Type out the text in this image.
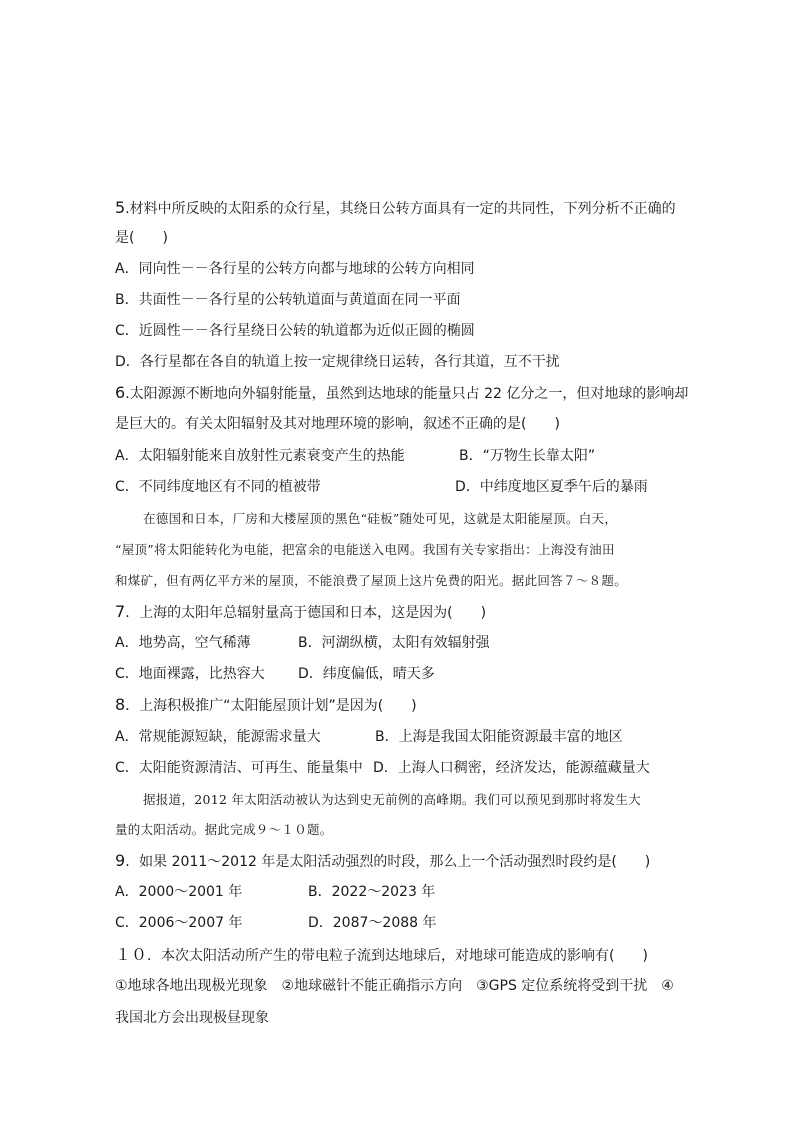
5.材料中所反映的太阳系的众行星，其绕日公转方面具有一定的共同性，下列分析不正确的
是(　　)
A．同向性－－各行星的公转方向都与地球的公转方向相同
B．共面性－－各行星的公转轨道面与黄道面在同一平面
C．近圆性－－各行星绕日公转的轨道都为近似正圆的椭圆
D．各行星都在各自的轨道上按一定规律绕日运转，各行其道，互不干扰
6.太阳源源不断地向外辐射能量，虽然到达地球的能量只占 22 亿分之一，但对地球的影响却
是巨大的。有关太阳辐射及其对地理环境的影响，叙述不正确的是(　　)
A．太阳辐射能来自放射性元素衰变产生的热能	B．“万物生长靠太阳”
C．不同纬度地区有不同的植被带	D．中纬度地区夏季午后的暴雨
在德国和日本，厂房和大楼屋顶的黑色“硅板”随处可见，这就是太阳能屋顶。白天，
“屋顶”将太阳能转化为电能，把富余的电能送入电网。我国有关专家指出：上海没有油田
和煤矿，但有两亿平方米的屋顶，不能浪费了屋顶上这片免费的阳光。据此回答７～８题。
7．上海的太阳年总辐射量高于德国和日本，这是因为(　　)
A．地势高，空气稀薄	B．河湖纵横，太阳有效辐射强
C．地面裸露，比热容大 D．纬度偏低，晴天多
8．上海积极推广“太阳能屋顶计划”是因为(　　)
A．常规能源短缺，能源需求量大	B．上海是我国太阳能资源最丰富的地区
C．太阳能资源清洁、可再生、能量集中 D．上海人口稠密，经济发达，能源蕴藏量大
据报道，2012 年太阳活动被认为达到史无前例的高峰期。我们可以预见到那时将发生大
量的太阳活动。据此完成９～１０题。
9．如果 2011～2012 年是太阳活动强烈的时段，那么上一个活动强烈时段约是(　　)
A．2000～2001 年	B．2022～2023 年
C．2006～2007 年	D．2087～2088 年
１０．本次太阳活动所产生的带电粒子流到达地球后，对地球可能造成的影响有(　　)
①地球各地出现极光现象　②地球磁针不能正确指示方向　③GPS 定位系统将受到干扰　④
我国北方会出现极昼现象
